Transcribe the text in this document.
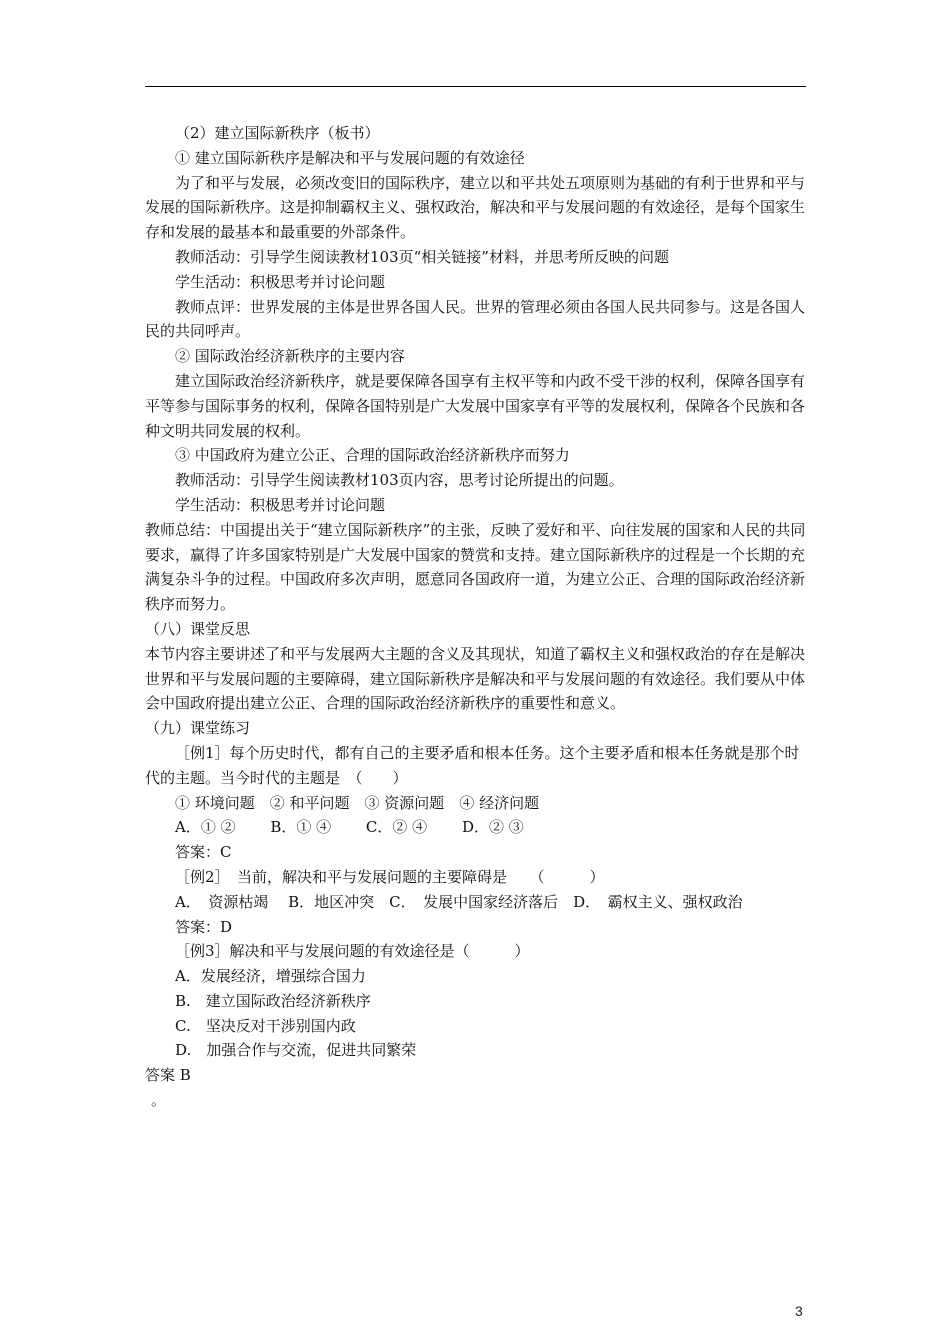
（2）建立国际新秩序（板书）

① 建立国际新秩序是解决和平与发展问题的有效途径

为了和平与发展，必须改变旧的国际秩序，建立以和平共处五项原则为基础的有利于世界和平与发展的国际新秩序。这是抑制霸权主义、强权政治，解决和平与发展问题的有效途径，是每个国家生存和发展的最基本和最重要的外部条件。

教师活动：引导学生阅读教材103页“相关链接”材料，并思考所反映的问题

学生活动：积极思考并讨论问题

教师点评：世界发展的主体是世界各国人民。世界的管理必须由各国人民共同参与。这是各国人民的共同呼声。

② 国际政治经济新秩序的主要内容

建立国际政治经济新秩序，就是要保障各国享有主权平等和内政不受干涉的权利，保障各国享有平等参与国际事务的权利，保障各国特别是广大发展中国家享有平等的发展权利，保障各个民族和各种文明共同发展的权利。

③ 中国政府为建立公正、合理的国际政治经济新秩序而努力

教师活动：引导学生阅读教材103页内容，思考讨论所提出的问题。

学生活动：积极思考并讨论问题

教师总结：中国提出关于“建立国际新秩序”的主张，反映了爱好和平、向往发展的国家和人民的共同要求，赢得了许多国家特别是广大发展中国家的赞赏和支持。建立国际新秩序的过程是一个长期的充满复杂斗争的过程。中国政府多次声明，愿意同各国政府一道，为建立公正、合理的国际政治经济新秩序而努力。

（八）课堂反思

本节内容主要讲述了和平与发展两大主题的含义及其现状，知道了霸权主义和强权政治的存在是解决世界和平与发展问题的主要障碍，建立国际新秩序是解决和平与发展问题的有效途径。我们要从中体会中国政府提出建立公正、合理的国际政治经济新秩序的重要性和意义。

（九）课堂练习

［例1］每个历史时代，都有自己的主要矛盾和根本任务。这个主要矛盾和根本任务就是那个时代的主题。当今时代的主题是　（　　）

① 环境问题　② 和平问题　③ 资源问题　④ 经济问题

A．① ②　　 B．① ④　　 C．② ④　　 D．② ③

答案：C

［例2］　当前，解决和平与发展问题的主要障碍是　　（　　　）

A．　资源枯竭　 B．地区冲突　C．　发展中国家经济落后　D．　霸权主义、强权政治

答案：D

［例3］解决和平与发展问题的有效途径是（　　　）

A．发展经济，增强综合国力

B.　建立国际政治经济新秩序

C.　坚决反对干涉别国内政

D.　加强合作与交流，促进共同繁荣

答案 B

。

3
